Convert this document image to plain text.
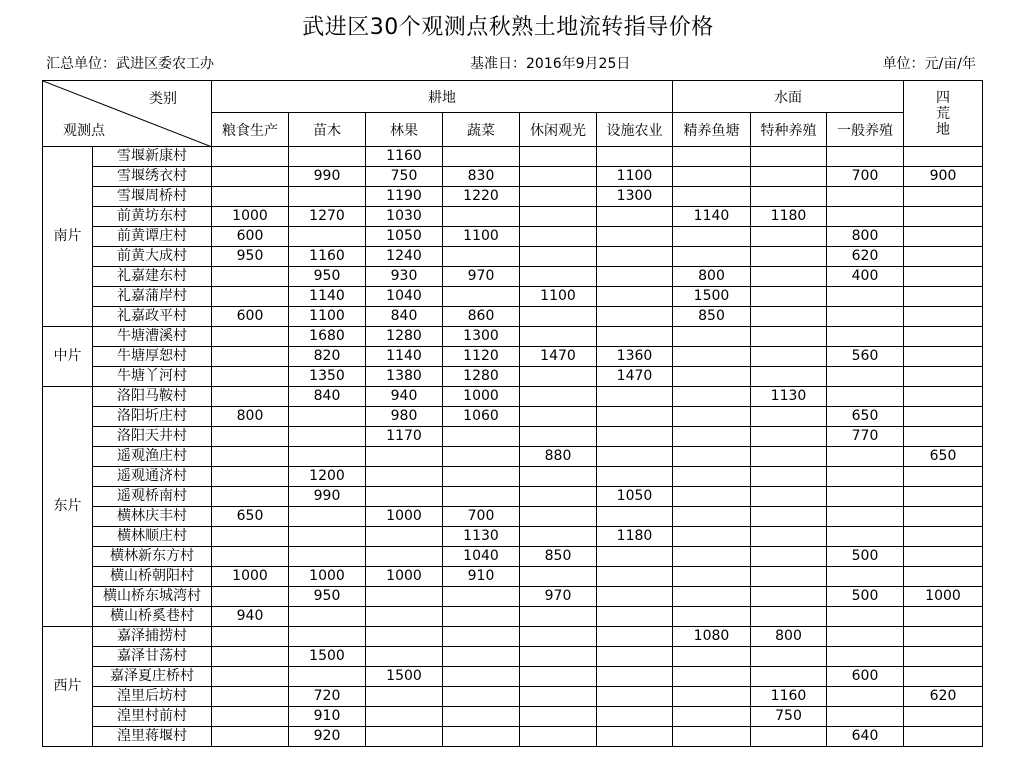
武进区30个观测点秋熟土地流转指导价格
汇总单位：武进区委农工办	基准日：2016年9月25日	单位：元/亩/年
类别
观测点		耕地						水面			四
荒
地
		粮食生产	苗木	林果	蔬菜	休闲观光	设施农业	精养鱼塘	特种养殖	一般养殖	
南片	雪堰新康村			1160							
	雪堰绣衣村		990	750	830		1100			700	900
	雪堰周桥村			1190	1220		1300				
	前黄坊东村	1000	1270	1030				1140	1180		
	前黄谭庄村	600		1050	1100					800	
	前黄大成村	950	1160	1240						620	
	礼嘉建东村		950	930	970			800		400	
	礼嘉蒲岸村		1140	1040		1100		1500			
	礼嘉政平村	600	1100	840	860			850			
中片	牛塘漕溪村		1680	1280	1300						
	牛塘厚恕村		820	1140	1120	1470	1360			560	
	牛塘丫河村		1350	1380	1280		1470				
东片	洛阳马鞍村		840	940	1000				1130		
	洛阳圻庄村	800		980	1060					650	
	洛阳天井村			1170						770	
	遥观渔庄村					880					650
	遥观通济村		1200								
	遥观桥南村		990				1050				
	横林庆丰村	650		1000	700						
	横林顺庄村				1130		1180				
	横林新东方村				1040	850				500	
	横山桥朝阳村	1000	1000	1000	910						
	横山桥东城湾村		950			970				500	1000
	横山桥奚巷村	940									
西片	嘉泽捕捞村							1080	800		
	嘉泽甘荡村		1500								
	嘉泽夏庄桥村			1500						600	
	湟里后坊村		720						1160		620
	湟里村前村		910						750		
	湟里蒋堰村		920							640	
